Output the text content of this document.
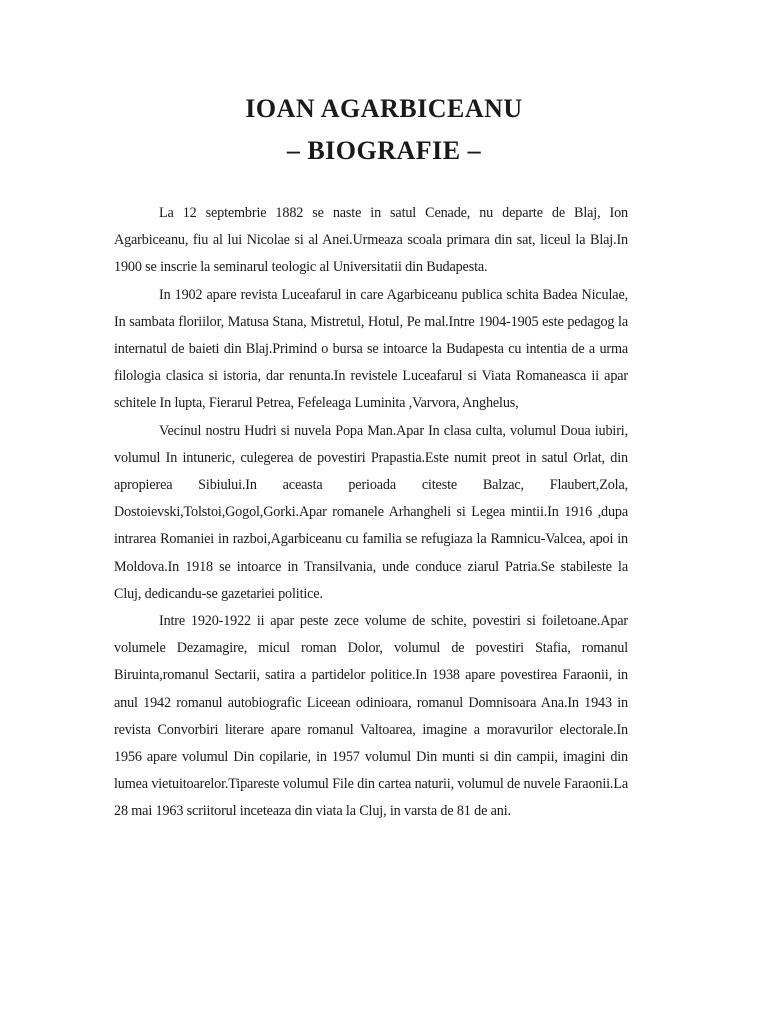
IOAN AGARBICEANU
– BIOGRAFIE –

La 12 septembrie 1882 se naste in satul Cenade, nu departe de Blaj, Ion Agarbiceanu, fiu al lui Nicolae si al Anei.Urmeaza scoala primara din sat, liceul la Blaj.In 1900 se inscrie la seminarul teologic al Universitatii din Budapesta.

In 1902 apare revista Luceafarul in care Agarbiceanu publica schita Badea Niculae, In sambata floriilor, Matusa Stana, Mistretul, Hotul, Pe mal.Intre 1904-1905 este pedagog la internatul de baieti din Blaj.Primind o bursa se intoarce la Budapesta cu intentia de a urma filologia clasica si istoria, dar renunta.In revistele Luceafarul si Viata Romaneasca ii apar schitele In lupta, Fierarul Petrea, Fefeleaga Luminita ,Varvora, Anghelus,

Vecinul nostru Hudri si nuvela Popa Man.Apar In clasa culta, volumul Doua iubiri, volumul In intuneric, culegerea de povestiri Prapastia.Este numit preot in satul Orlat, din apropierea Sibiului.In aceasta perioada citeste Balzac, Flaubert,Zola, Dostoievski,Tolstoi,Gogol,Gorki.Apar romanele Arhangheli si Legea mintii.In 1916 ,dupa intrarea Romaniei in razboi,Agarbiceanu cu familia se refugiaza la Ramnicu-Valcea, apoi in Moldova.In 1918 se intoarce in Transilvania, unde conduce ziarul Patria.Se stabileste la Cluj, dedicandu-se gazetariei politice.

Intre 1920-1922 ii apar peste zece volume de schite, povestiri si foiletoane.Apar volumele Dezamagire, micul roman Dolor, volumul de povestiri Stafia, romanul Biruinta,romanul Sectarii, satira a partidelor politice.In 1938 apare povestirea Faraonii, in anul 1942 romanul autobiografic Liceean odinioara, romanul Domnisoara Ana.In 1943 in revista Convorbiri literare apare romanul Valtoarea, imagine a moravurilor electorale.In 1956 apare volumul Din copilarie, in 1957 volumul Din munti si din campii, imagini din lumea vietuitoarelor.Tipareste volumul File din cartea naturii, volumul de nuvele Faraonii.La 28 mai 1963 scriitorul inceteaza din viata la Cluj, in varsta de 81 de ani.
